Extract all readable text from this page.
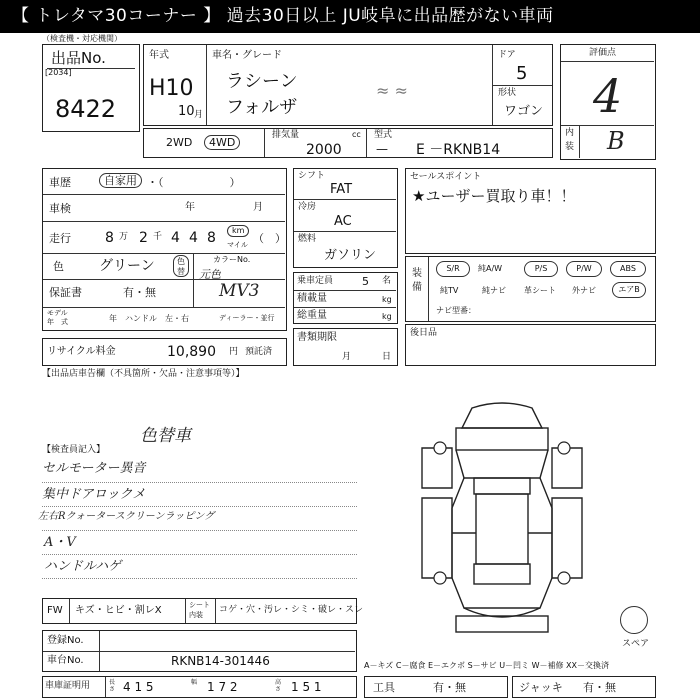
【 トレタマ30コーナー 】 過去30日以上 JU岐阜に出品歴がない車両
（検査機・対応機関）
出品No.
[2034]
8422
年式
H10
10 月
車名・グレード
ラシーン
フォルザ
≈ ≈
ドア
5
形状
ワゴン
評価点
4
内
装 B
2WD	4WD
排気量	cc
2000
型式
— E －RKNB14
車歴	自家用 ・（　　　　　　）
車検	年	月
走行 8 万 2 千 4 4 8	km
マイル （　）
色	グリーン	色替
カラーNo.
元色
MV3
保証書	有・無
モデル
年　式	年 ハンドル 左・右	ディーラー・並行
リサイクル料金	10,890 円 預託済
シフト
FAT
冷房
AC
燃料
ガソリン
乗車定員	5 名
積載量	kg
総重量	kg
書類期限
月	日
セールスポイント
★ユーザー買取り車！！
装備
S/R	純A/W	P/S	P/W	ABS
純TV	純ナビ 革シート 外ナビ	エアB
ナビ型番：
後日品
【出品店車告欄（不具箇所・欠品・注意事項等）】
【検査員記入】
色替車
セルモーター異音
集中ドアロックメ
左右Rクォータースクリーンラッピング
A・V
ハンドルハゲ
スペア
FW キズ・ヒビ・割レX	シート
内装 コゲ・穴・汚レ・シミ・破レ・スレ
登録No.
車台No.	RKNB14-301446	A－キズ C－腐食 E－エクボ S－サビ U－凹ミ W－補修 XX－交換済
車庫証明用	長さ 4 1 5	幅 1 7 2	高さ 1 5 1	工具	有・無	ジャッキ 有・無
